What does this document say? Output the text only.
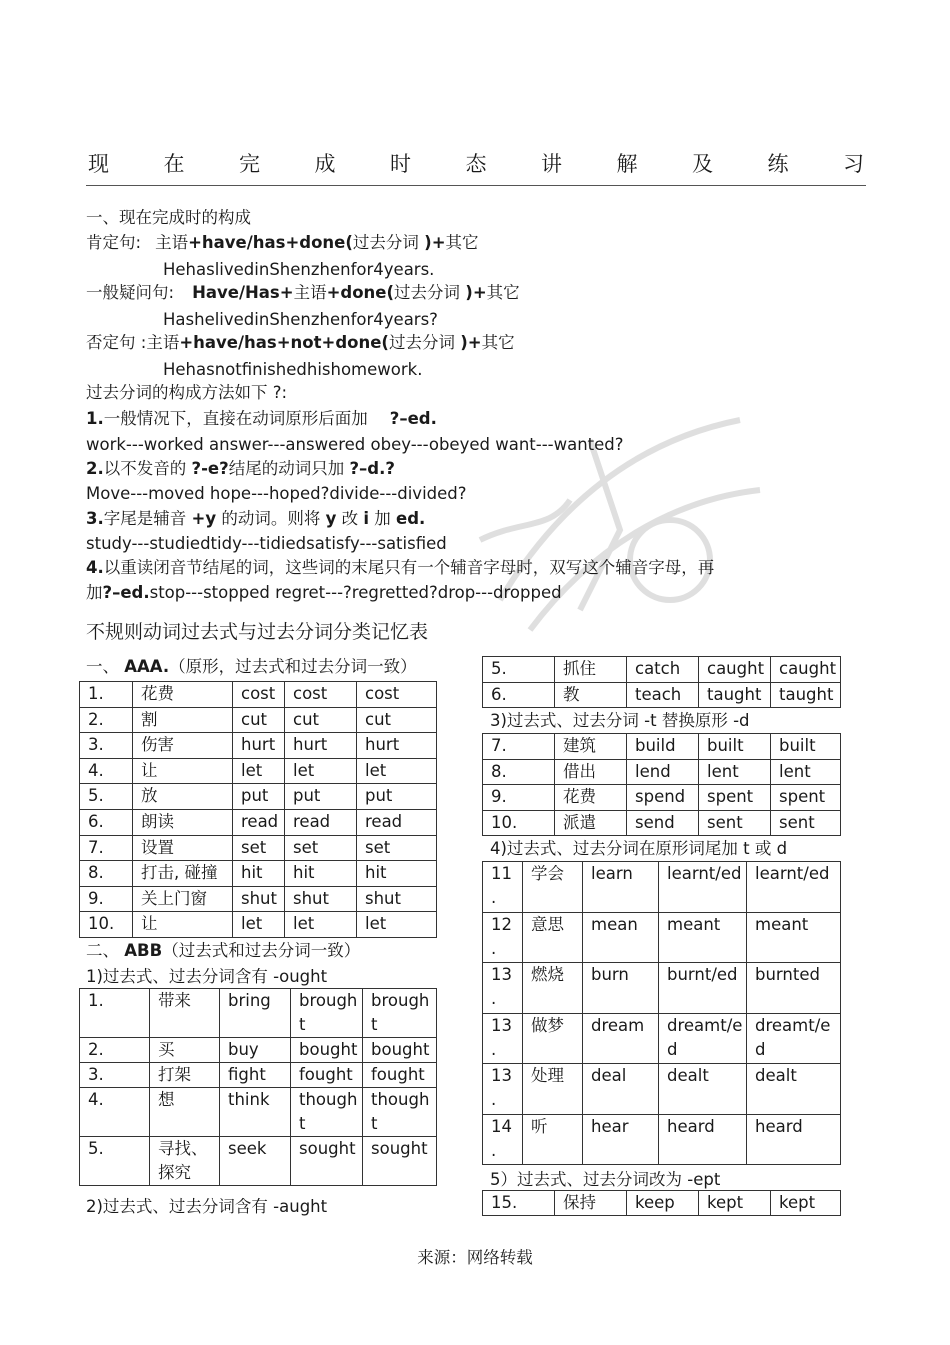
现	在	完	成	时	态	讲	解	及	练	习
一、现在完成时的构成
肯定句: 主语+have/has+done(过去分词 )+其它
HehaslivedinShenzhenfor4years.
一般疑问句: Have/Has+主语+done(过去分词 )+其它
HashelivedinShenzhenfor4years?
否定句 :主语+have/has+not+done(过去分词 )+其它
Hehasnotfinishedhishomework.
过去分词的构成方法如下 ?:
1.一般情况下，直接在动词原形后面加 ?–ed.
work---worked answer---answered obey---obeyed want---wanted?
2.以不发音的 ?-e?结尾的动词只加 ?–d.?
Move---moved hope---hoped?divide---divided?
3.字尾是辅音 +y 的动词。则将 y 改 i 加 ed.
study---studiedtidy---tidiedsatisfy---satisfied
4.以重读闭音节结尾的词，这些词的末尾只有一个辅音字母时，双写这个辅音字母，再
加?–ed.stop---stopped regret---?regretted?drop---dropped
不规则动词过去式与过去分词分类记忆表
一、 AAA.（原形，过去式和过去分词一致）
1.	花费	cost	cost	cost
2.	割	cut	cut	cut
3.	伤害	hurt	hurt	hurt
4.	让	let	let	let
5.	放	put	put	put
6.	朗读	read	read	read
7.	设置	set	set	set
8.	打击, 碰撞	hit	hit	hit
9.	关上门窗	shut	shut	shut
10.	让	let	let	let
二、 ABB（过去式和过去分词一致）
1)过去式、过去分词含有 -ought
1.	带来	bring	brough t	brough t
2.	买	buy	bought	bought
3.	打架	fight	fought	fought
4.	想	think	though t	though t
5.	寻找、探究	seek	sought	sought
2)过去式、过去分词含有 -aught
5.	抓住	catch	caught	caught
6.	教	teach	taught	taught
3)过去式、过去分词 -t 替换原形 -d
7.	建筑	build	built	built
8.	借出	lend	lent	lent
9.	花费	spend	spent	spent
10.	派遣	send	sent	sent
4)过去式、过去分词在原形词尾加 t 或 d
11 .	学会	learn	learnt/ed	learnt/ed
12 .	意思	mean	meant	meant
13 .	燃烧	burn	burnt/ed	burnted
13 .	做梦	dream	dreamt/e d	dreamt/ed
13 .	处理	deal	dealt	dealt
14 .	听	hear	heard	heard
5）过去式、过去分词改为 -ept
15.	保持	keep	kept	kept
来源：网络转载
